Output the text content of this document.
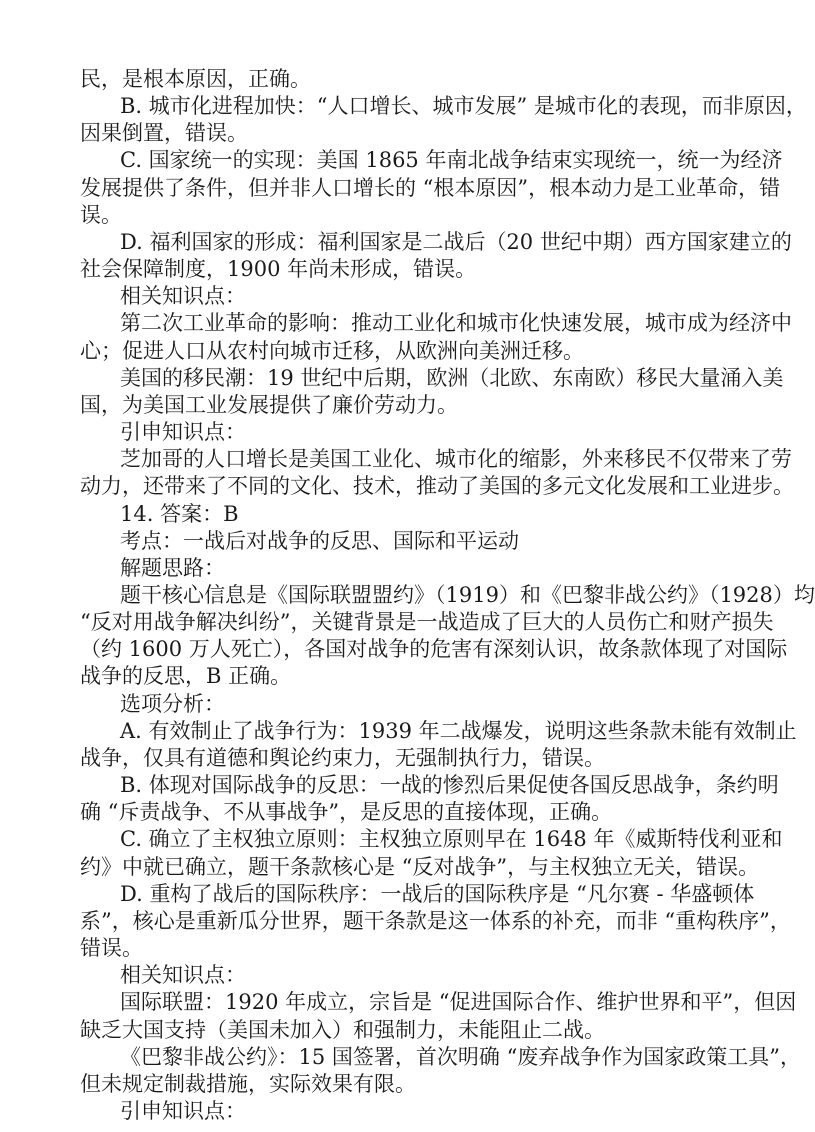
民，是根本原因，正确。
B. 城市化进程加快：“人口增长、城市发展” 是城市化的表现，而非原因，
因果倒置，错误。
C. 国家统一的实现：美国 1865 年南北战争结束实现统一，统一为经济
发展提供了条件，但并非人口增长的 “根本原因”，根本动力是工业革命，错
误。
D. 福利国家的形成：福利国家是二战后（20 世纪中期）西方国家建立的
社会保障制度，1900 年尚未形成，错误。
相关知识点：
第二次工业革命的影响：推动工业化和城市化快速发展，城市成为经济中
心；促进人口从农村向城市迁移，从欧洲向美洲迁移。
美国的移民潮：19 世纪中后期，欧洲（北欧、东南欧）移民大量涌入美
国，为美国工业发展提供了廉价劳动力。
引申知识点：
芝加哥的人口增长是美国工业化、城市化的缩影，外来移民不仅带来了劳
动力，还带来了不同的文化、技术，推动了美国的多元文化发展和工业进步。
14. 答案：B
考点：一战后对战争的反思、国际和平运动
解题思路：
题干核心信息是《国际联盟盟约》（1919）和《巴黎非战公约》（1928）均
“反对用战争解决纠纷”，关键背景是一战造成了巨大的人员伤亡和财产损失
（约 1600 万人死亡），各国对战争的危害有深刻认识，故条款体现了对国际
战争的反思，B 正确。
选项分析：
A. 有效制止了战争行为：1939 年二战爆发，说明这些条款未能有效制止
战争，仅具有道德和舆论约束力，无强制执行力，错误。
B. 体现对国际战争的反思：一战的惨烈后果促使各国反思战争，条约明
确 “斥责战争、不从事战争”，是反思的直接体现，正确。
C. 确立了主权独立原则：主权独立原则早在 1648 年《威斯特伐利亚和
约》中就已确立，题干条款核心是 “反对战争”，与主权独立无关，错误。
D. 重构了战后的国际秩序：一战后的国际秩序是 “凡尔赛 - 华盛顿体
系”，核心是重新瓜分世界，题干条款是这一体系的补充，而非 “重构秩序”，
错误。
相关知识点：
国际联盟：1920 年成立，宗旨是 “促进国际合作、维护世界和平”，但因
缺乏大国支持（美国未加入）和强制力，未能阻止二战。
《巴黎非战公约》：15 国签署，首次明确 “废弃战争作为国家政策工具”，
但未规定制裁措施，实际效果有限。
引申知识点：
